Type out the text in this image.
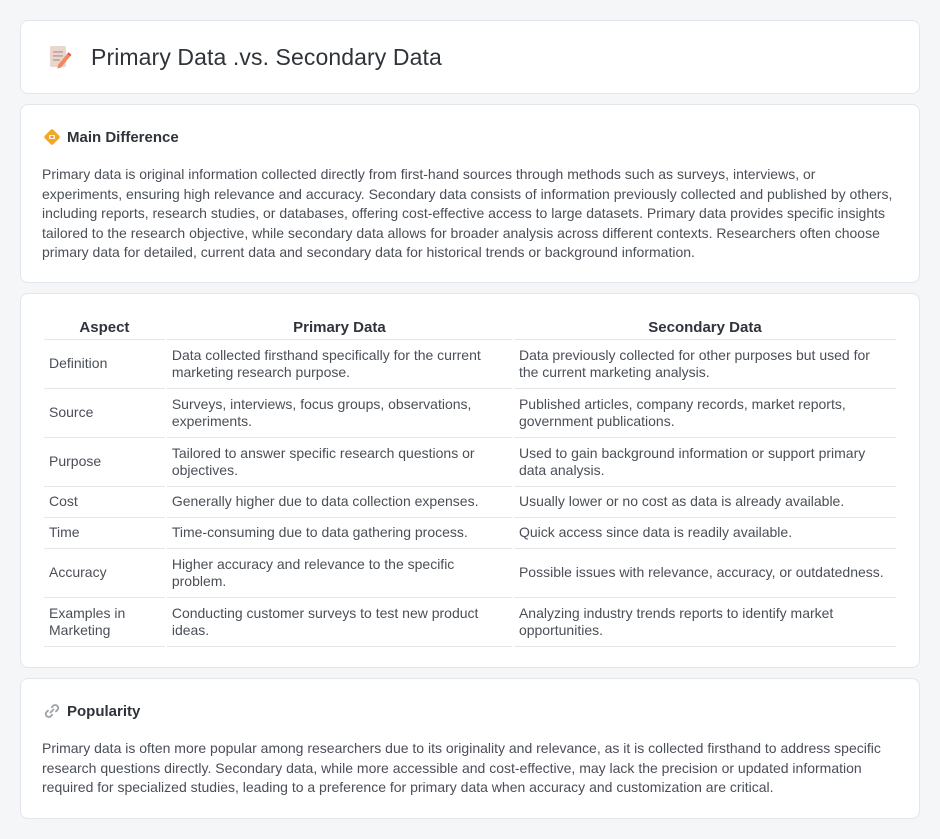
Primary Data .vs. Secondary Data
Main Difference

Primary data is original information collected directly from first-hand sources through methods such as surveys, interviews, or experiments, ensuring high relevance and accuracy. Secondary data consists of information previously collected and published by others, including reports, research studies, or databases, offering cost-effective access to large datasets. Primary data provides specific insights tailored to the research objective, while secondary data allows for broader analysis across different contexts. Researchers often choose primary data for detailed, current data and secondary data for historical trends or background information.

Aspect	Primary Data	Secondary Data
Definition	Data collected firsthand specifically for the current marketing research purpose.	Data previously collected for other purposes but used for the current marketing analysis.
Source	Surveys, interviews, focus groups, observations, experiments.	Published articles, company records, market reports, government publications.
Purpose	Tailored to answer specific research questions or objectives.	Used to gain background information or support primary data analysis.
Cost	Generally higher due to data collection expenses.	Usually lower or no cost as data is already available.
Time	Time-consuming due to data gathering process.	Quick access since data is readily available.
Accuracy	Higher accuracy and relevance to the specific problem.	Possible issues with relevance, accuracy, or outdatedness.
Examples in Marketing	Conducting customer surveys to test new product ideas.	Analyzing industry trends reports to identify market opportunities.
Popularity

Primary data is often more popular among researchers due to its originality and relevance, as it is collected firsthand to address specific research questions directly. Secondary data, while more accessible and cost-effective, may lack the precision or updated information required for specialized studies, leading to a preference for primary data when accuracy and customization are critical.
